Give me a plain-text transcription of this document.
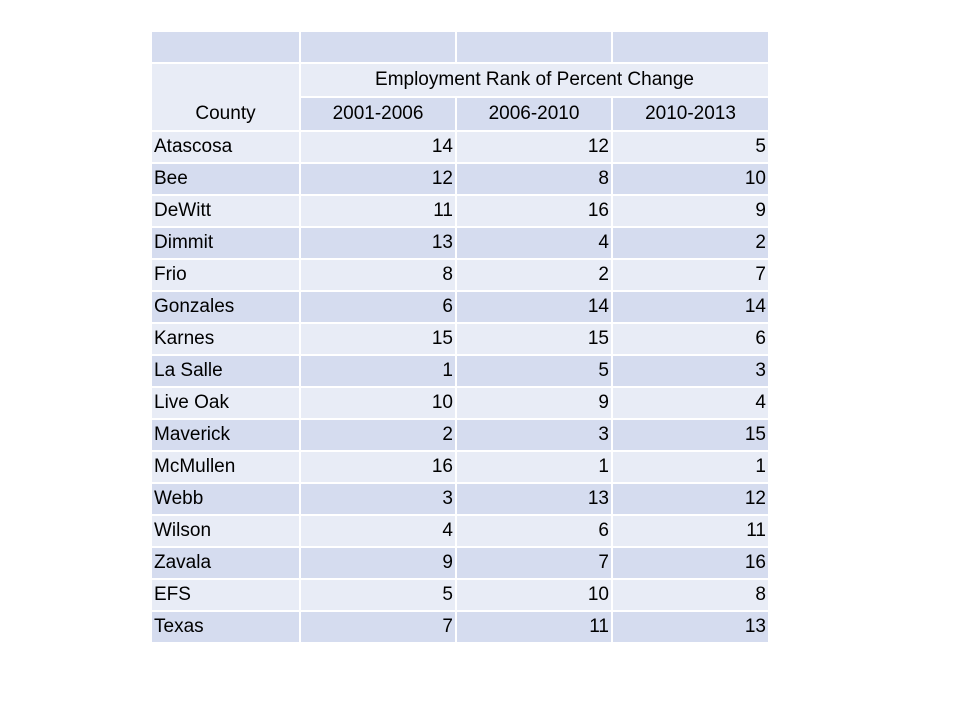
County	Employment Rank of Percent Change		
	2001-2006	2006-2010	2010-2013
Atascosa	14	12	5
Bee	12	8	10
DeWitt	11	16	9
Dimmit	13	4	2
Frio	8	2	7
Gonzales	6	14	14
Karnes	15	15	6
La Salle	1	5	3
Live Oak	10	9	4
Maverick	2	3	15
McMullen	16	1	1
Webb	3	13	12
Wilson	4	6	11
Zavala	9	7	16
EFS	5	10	8
Texas	7	11	13
